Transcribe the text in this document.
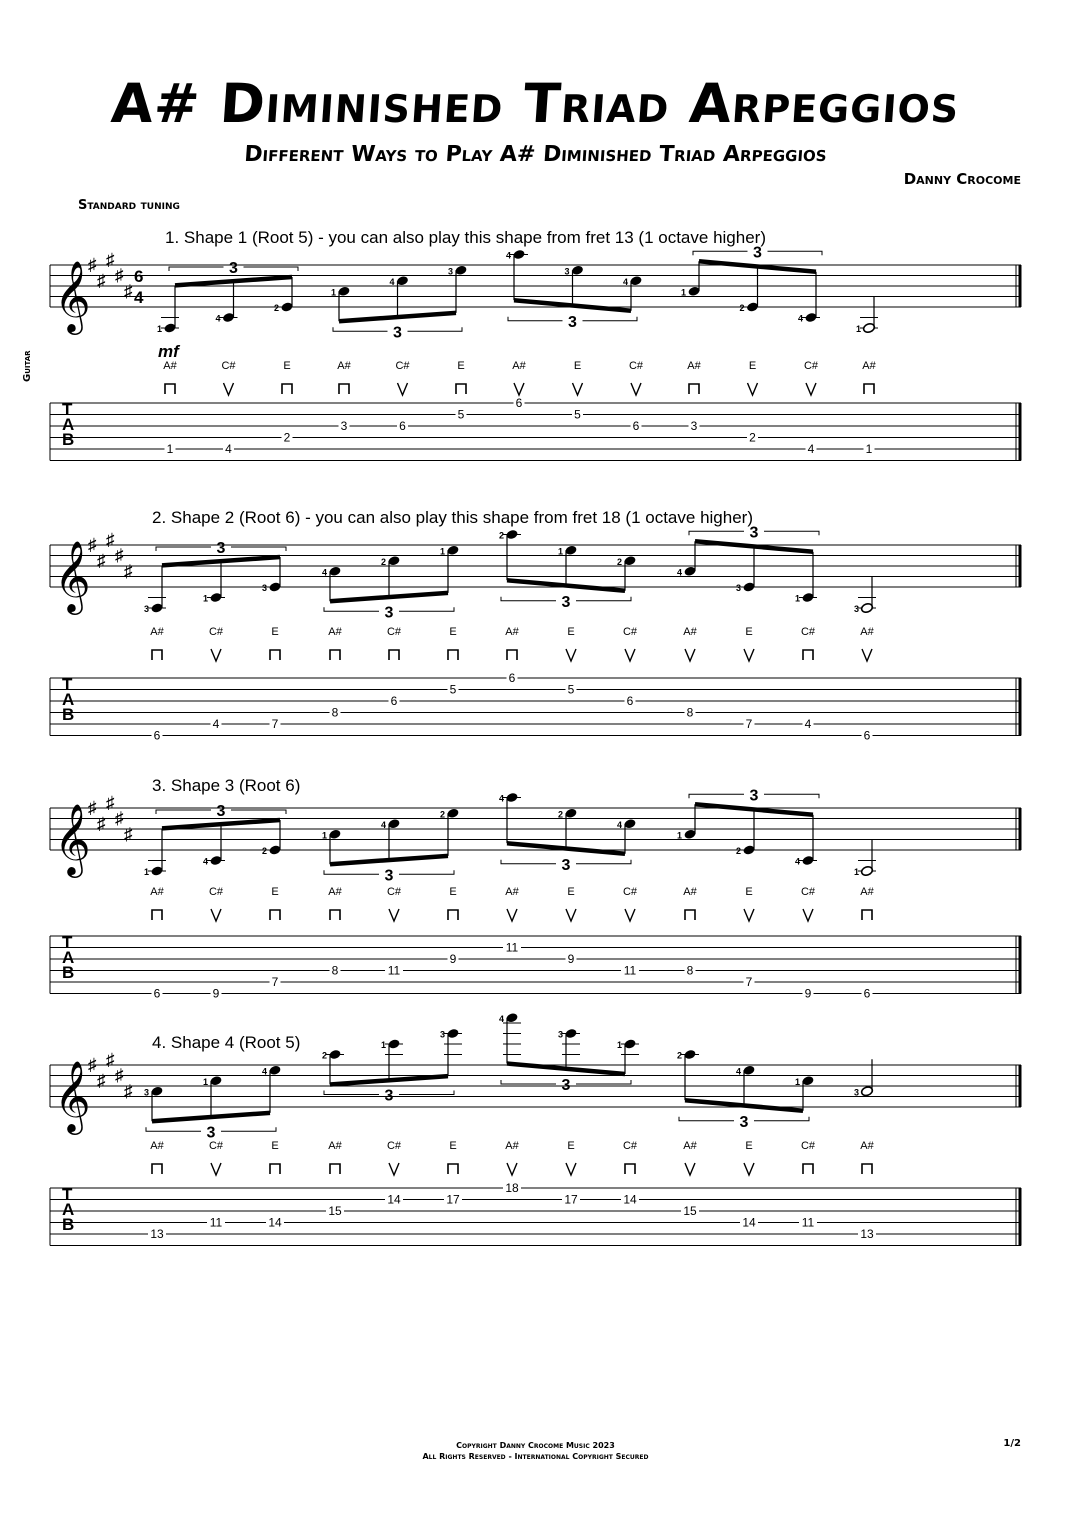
A# Diminished Triad Arpeggios
Different Ways to Play A# Diminished Triad Arpeggios
Danny Crocome
Standard tuning
Guitar
1. Shape 1 (Root 5) - you can also play this shape from fret 13 (1 octave higher)
𝄞
♯
♯
♯
♯
♯
6
4
T
A
B
1
A#
1
4
C#
4
2
E
2
1
A#
3
4
C#
6
3
E
5
4
A#
6
3
E
5
4
C#
6
1
A#
3
2
E
2
4
C#
4
1
A#
1
3
3
3
3
mf
2. Shape 2 (Root 6) - you can also play this shape from fret 18 (1 octave higher)
𝄞
♯
♯
♯
♯
♯
T
A
B
3
A#
6
1
C#
4
3
E
7
4
A#
8
2
C#
6
1
E
5
2
A#
6
1
E
5
2
C#
6
4
A#
8
3
E
7
1
C#
4
3
A#
6
3
3
3
3
3. Shape 3 (Root 6)
𝄞
♯
♯
♯
♯
♯
T
A
B
1
A#
6
4
C#
9
2
E
7
1
A#
8
4
C#
11
2
E
9
4
A#
11
2
E
9
4
C#
11
1
A#
8
2
E
7
4
C#
9
1
A#
6
3
3
3
3
4. Shape 4 (Root 5)
𝄞
♯
♯
♯
♯
♯
T
A
B
3
A#
13
1
C#
11
4
E
14
2
A#
15
1
C#
14
3
E
17
4
A#
18
3
E
17
1
C#
14
2
A#
15
4
E
14
1
C#
11
3
A#
13
3
3
3
3
Copyright Danny Crocome Music 2023
All Rights Reserved - International Copyright Secured
1/2
